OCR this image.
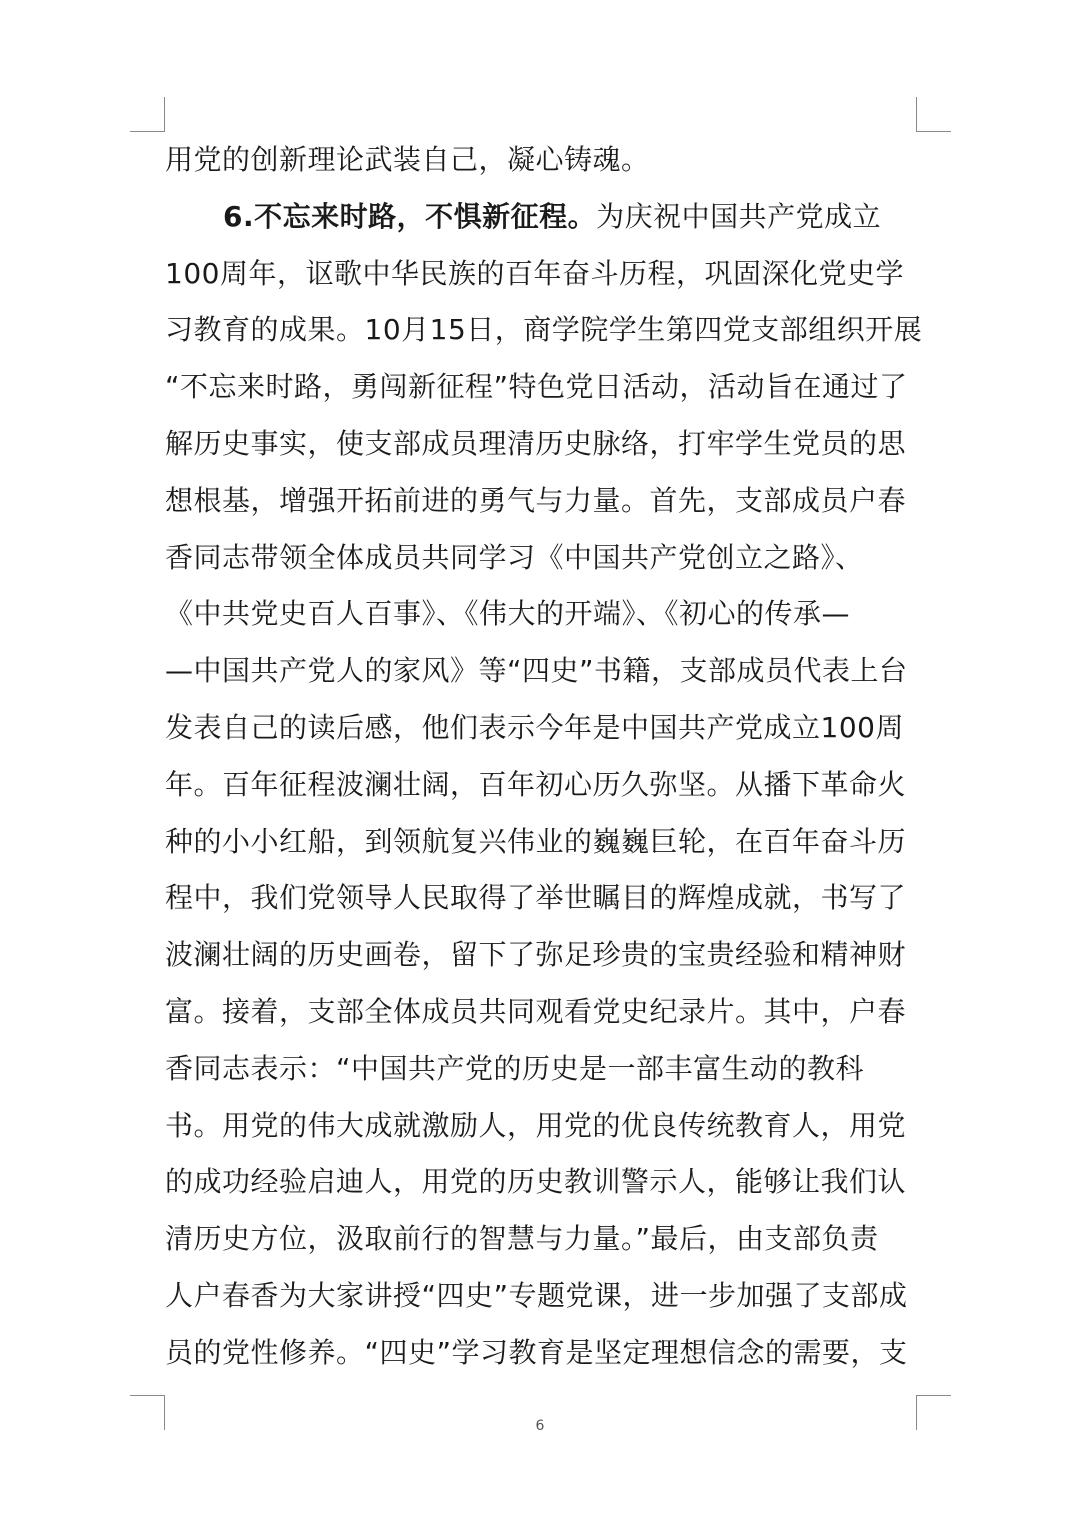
用党的创新理论武装自己，凝心铸魂。
6.不忘来时路，不惧新征程。为庆祝中国共产党成立
100周年，讴歌中华民族的百年奋斗历程，巩固深化党史学
习教育的成果。10月15日，商学院学生第四党支部组织开展
“不忘来时路，勇闯新征程”特色党日活动，活动旨在通过了
解历史事实，使支部成员理清历史脉络，打牢学生党员的思
想根基，增强开拓前进的勇气与力量。首先，支部成员户春
香同志带领全体成员共同学习《中国共产党创立之路》、
《中共党史百人百事》、《伟大的开端》、《初心的传承—
—中国共产党人的家风》等“四史”书籍，支部成员代表上台
发表自己的读后感，他们表示今年是中国共产党成立100周
年。百年征程波澜壮阔，百年初心历久弥坚。从播下革命火
种的小小红船，到领航复兴伟业的巍巍巨轮，在百年奋斗历
程中，我们党领导人民取得了举世瞩目的辉煌成就，书写了
波澜壮阔的历史画卷，留下了弥足珍贵的宝贵经验和精神财
富。接着，支部全体成员共同观看党史纪录片。其中，户春
香同志表示：“中国共产党的历史是一部丰富生动的教科
书。用党的伟大成就激励人，用党的优良传统教育人，用党
的成功经验启迪人，用党的历史教训警示人，能够让我们认
清历史方位，汲取前行的智慧与力量。”最后，由支部负责
人户春香为大家讲授“四史”专题党课，进一步加强了支部成
员的党性修养。“四史”学习教育是坚定理想信念的需要，支
6
